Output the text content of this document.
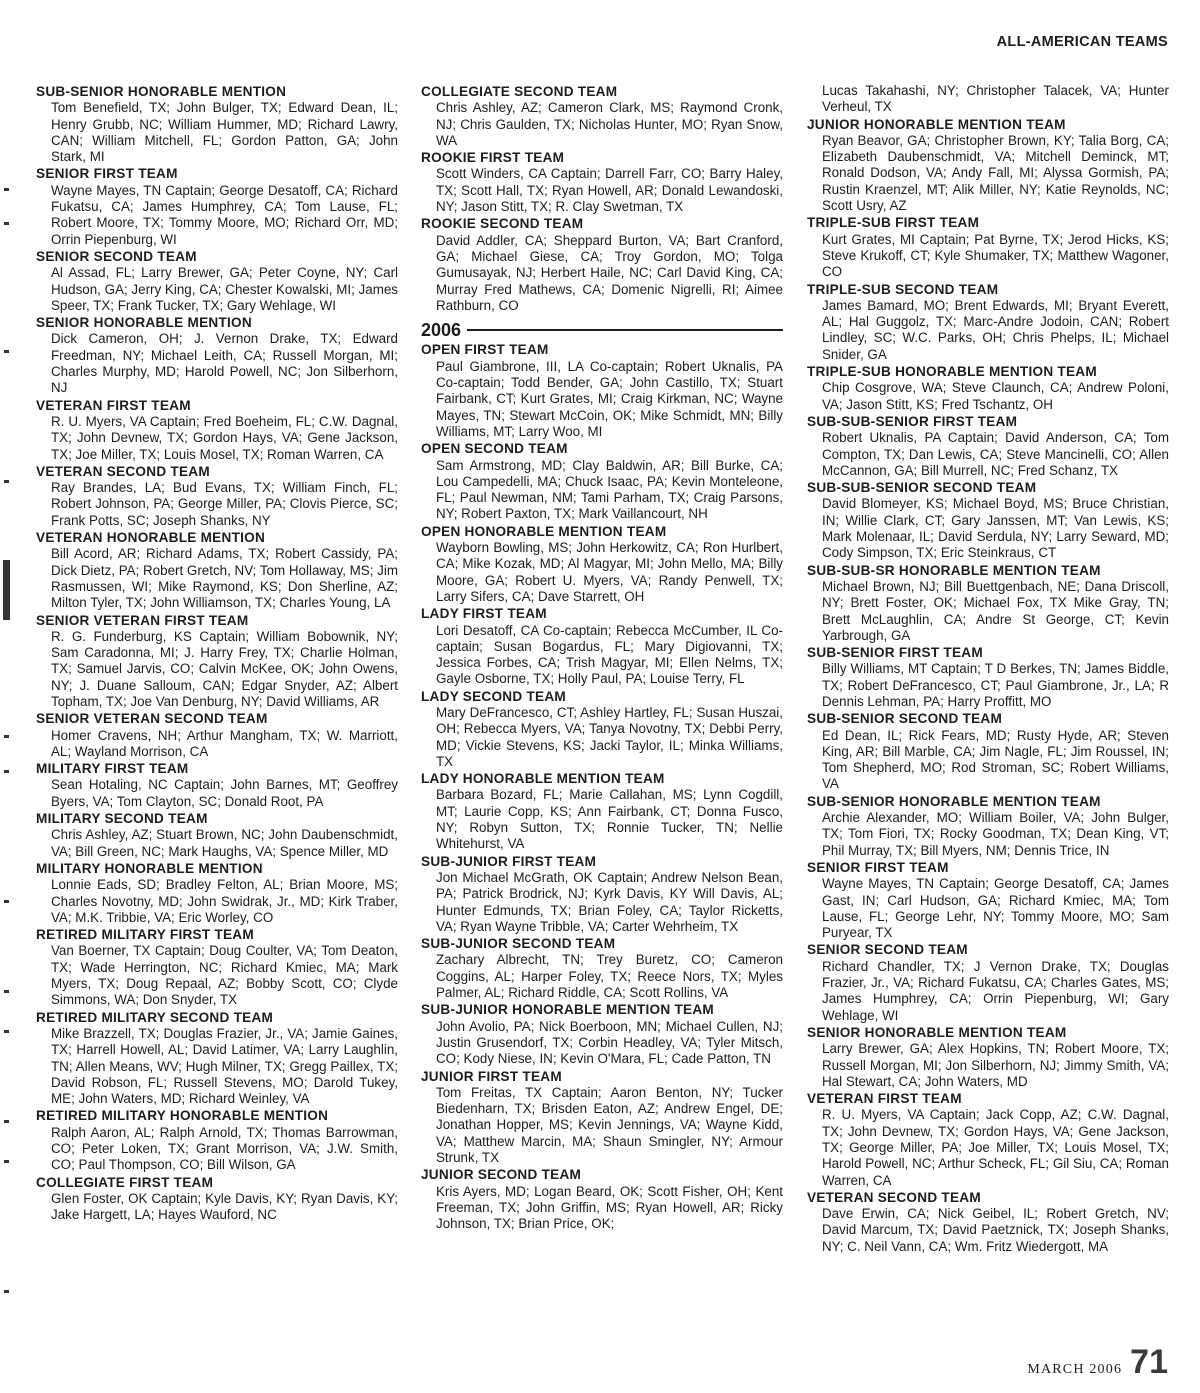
ALL-AMERICAN TEAMS
SUB-SENIOR HONORABLE MENTION
Tom Benefield, TX; John Bulger, TX; Edward Dean, IL; Henry Grubb, NC; William Hummer, MD; Richard Lawry, CAN; William Mitchell, FL; Gordon Patton, GA; John Stark, MI
SENIOR FIRST TEAM
Wayne Mayes, TN Captain; George Desatoff, CA; Richard Fukatsu, CA; James Humphrey, CA; Tom Lause, FL; Robert Moore, TX; Tommy Moore, MO; Richard Orr, MD; Orrin Piepenburg, WI
SENIOR SECOND TEAM
Al Assad, FL; Larry Brewer, GA; Peter Coyne, NY; Carl Hudson, GA; Jerry King, CA; Chester Kowalski, MI; James Speer, TX; Frank Tucker, TX; Gary Wehlage, WI
SENIOR HONORABLE MENTION
Dick Cameron, OH; J. Vernon Drake, TX; Edward Freedman, NY; Michael Leith, CA; Russell Morgan, MI; Charles Murphy, MD; Harold Powell, NC; Jon Silberhorn, NJ
VETERAN FIRST TEAM
R. U. Myers, VA Captain; Fred Boeheim, FL; C.W. Dagnal, TX; John Devnew, TX; Gordon Hays, VA; Gene Jackson, TX; Joe Miller, TX; Louis Mosel, TX; Roman Warren, CA
VETERAN SECOND TEAM
Ray Brandes, LA; Bud Evans, TX; William Finch, FL; Robert Johnson, PA; George Miller, PA; Clovis Pierce, SC; Frank Potts, SC; Joseph Shanks, NY
VETERAN HONORABLE MENTION
Bill Acord, AR; Richard Adams, TX; Robert Cassidy, PA; Dick Dietz, PA; Robert Gretch, NV; Tom Hollaway, MS; Jim Rasmussen, WI; Mike Raymond, KS; Don Sherline, AZ; Milton Tyler, TX; John Williamson, TX; Charles Young, LA
SENIOR VETERAN FIRST TEAM
R. G. Funderburg, KS Captain; William Bobownik, NY; Sam Caradonna, MI; J. Harry Frey, TX; Charlie Holman, TX; Samuel Jarvis, CO; Calvin McKee, OK; John Owens, NY; J. Duane Salloum, CAN; Edgar Snyder, AZ; Albert Topham, TX; Joe Van Denburg, NY; David Williams, AR
SENIOR VETERAN SECOND TEAM
Homer Cravens, NH; Arthur Mangham, TX; W. Marriott, AL; Wayland Morrison, CA
MILITARY FIRST TEAM
Sean Hotaling, NC Captain; John Barnes, MT; Geoffrey Byers, VA; Tom Clayton, SC; Donald Root, PA
MILITARY SECOND TEAM
Chris Ashley, AZ; Stuart Brown, NC; John Daubenschmidt, VA; Bill Green, NC; Mark Haughs, VA; Spence Miller, MD
MILITARY HONORABLE MENTION
Lonnie Eads, SD; Bradley Felton, AL; Brian Moore, MS; Charles Novotny, MD; John Swidrak, Jr., MD; Kirk Traber, VA; M.K. Tribbie, VA; Eric Worley, CO
RETIRED MILITARY FIRST TEAM
Van Boerner, TX Captain; Doug Coulter, VA; Tom Deaton, TX; Wade Herrington, NC; Richard Kmiec, MA; Mark Myers, TX; Doug Repaal, AZ; Bobby Scott, CO; Clyde Simmons, WA; Don Snyder, TX
RETIRED MILITARY SECOND TEAM
Mike Brazzell, TX; Douglas Frazier, Jr., VA; Jamie Gaines, TX; Harrell Howell, AL; David Latimer, VA; Larry Laughlin, TN; Allen Means, WV; Hugh Milner, TX; Gregg Paillex, TX; David Robson, FL; Russell Stevens, MO; Darold Tukey, ME; John Waters, MD; Richard Weinley, VA
RETIRED MILITARY HONORABLE MENTION
Ralph Aaron, AL; Ralph Arnold, TX; Thomas Barrowman, CO; Peter Loken, TX; Grant Morrison, VA; J.W. Smith, CO; Paul Thompson, CO; Bill Wilson, GA
COLLEGIATE FIRST TEAM
Glen Foster, OK Captain; Kyle Davis, KY; Ryan Davis, KY; Jake Hargett, LA; Hayes Wauford, NC
COLLEGIATE SECOND TEAM
Chris Ashley, AZ; Cameron Clark, MS; Raymond Cronk, NJ; Chris Gaulden, TX; Nicholas Hunter, MO; Ryan Snow, WA
ROOKIE FIRST TEAM
Scott Winders, CA Captain; Darrell Farr, CO; Barry Haley, TX; Scott Hall, TX; Ryan Howell, AR; Donald Lewandoski, NY; Jason Stitt, TX; R. Clay Swetman, TX
ROOKIE SECOND TEAM
David Addler, CA; Sheppard Burton, VA; Bart Cranford, GA; Michael Giese, CA; Troy Gordon, MO; Tolga Gumusayak, NJ; Herbert Haile, NC; Carl David King, CA; Murray Fred Mathews, CA; Domenic Nigrelli, RI; Aimee Rathburn, CO
2006
OPEN FIRST TEAM
Paul Giambrone, III, LA Co-captain; Robert Uknalis, PA Co-captain; Todd Bender, GA; John Castillo, TX; Stuart Fairbank, CT; Kurt Grates, MI; Craig Kirkman, NC; Wayne Mayes, TN; Stewart McCoin, OK; Mike Schmidt, MN; Billy Williams, MT; Larry Woo, MI
OPEN SECOND TEAM
Sam Armstrong, MD; Clay Baldwin, AR; Bill Burke, CA; Lou Campedelli, MA; Chuck Isaac, PA; Kevin Monteleone, FL; Paul Newman, NM; Tami Parham, TX; Craig Parsons, NY; Robert Paxton, TX; Mark Vaillancourt, NH
OPEN HONORABLE MENTION TEAM
Wayborn Bowling, MS; John Herkowitz, CA; Ron Hurlbert, CA; Mike Kozak, MD; Al Magyar, MI; John Mello, MA; Billy Moore, GA; Robert U. Myers, VA; Randy Penwell, TX; Larry Sifers, CA; Dave Starrett, OH
LADY FIRST TEAM
Lori Desatoff, CA Co-captain; Rebecca McCumber, IL Co-captain; Susan Bogardus, FL; Mary Digiovanni, TX; Jessica Forbes, CA; Trish Magyar, MI; Ellen Nelms, TX; Gayle Osborne, TX; Holly Paul, PA; Louise Terry, FL
LADY SECOND TEAM
Mary DeFrancesco, CT; Ashley Hartley, FL; Susan Huszai, OH; Rebecca Myers, VA; Tanya Novotny, TX; Debbi Perry, MD; Vickie Stevens, KS; Jacki Taylor, IL; Minka Williams, TX
LADY HONORABLE MENTION TEAM
Barbara Bozard, FL; Marie Callahan, MS; Lynn Cogdill, MT; Laurie Copp, KS; Ann Fairbank, CT; Donna Fusco, NY; Robyn Sutton, TX; Ronnie Tucker, TN; Nellie Whitehurst, VA
SUB-JUNIOR FIRST TEAM
Jon Michael McGrath, OK Captain; Andrew Nelson Bean, PA; Patrick Brodrick, NJ; Kyrk Davis, KY Will Davis, AL; Hunter Edmunds, TX; Brian Foley, CA; Taylor Ricketts, VA; Ryan Wayne Tribble, VA; Carter Wehrheim, TX
SUB-JUNIOR SECOND TEAM
Zachary Albrecht, TN; Trey Buretz, CO; Cameron Coggins, AL; Harper Foley, TX; Reece Nors, TX; Myles Palmer, AL; Richard Riddle, CA; Scott Rollins, VA
SUB-JUNIOR HONORABLE MENTION TEAM
John Avolio, PA; Nick Boerboon, MN; Michael Cullen, NJ; Justin Grusendorf, TX; Corbin Headley, VA; Tyler Mitsch, CO; Kody Niese, IN; Kevin O'Mara, FL; Cade Patton, TN
JUNIOR FIRST TEAM
Tom Freitas, TX Captain; Aaron Benton, NY; Tucker Biedenharn, TX; Brisden Eaton, AZ; Andrew Engel, DE; Jonathan Hopper, MS; Kevin Jennings, VA; Wayne Kidd, VA; Matthew Marcin, MA; Shaun Smingler, NY; Armour Strunk, TX
JUNIOR SECOND TEAM
Kris Ayers, MD; Logan Beard, OK; Scott Fisher, OH; Kent Freeman, TX; John Griffin, MS; Ryan Howell, AR; Ricky Johnson, TX; Brian Price, OK;
Lucas Takahashi, NY; Christopher Talacek, VA; Hunter Verheul, TX
JUNIOR HONORABLE MENTION TEAM
Ryan Beavor, GA; Christopher Brown, KY; Talia Borg, CA; Elizabeth Daubenschmidt, VA; Mitchell Deminck, MT; Ronald Dodson, VA; Andy Fall, MI; Alyssa Gormish, PA; Rustin Kraenzel, MT; Alik Miller, NY; Katie Reynolds, NC; Scott Usry, AZ
TRIPLE-SUB FIRST TEAM
Kurt Grates, MI Captain; Pat Byrne, TX; Jerod Hicks, KS; Steve Krukoff, CT; Kyle Shumaker, TX; Matthew Wagoner, CO
TRIPLE-SUB SECOND TEAM
James Bamard, MO; Brent Edwards, MI; Bryant Everett, AL; Hal Guggolz, TX; Marc-Andre Jodoin, CAN; Robert Lindley, SC; W.C. Parks, OH; Chris Phelps, IL; Michael Snider, GA
TRIPLE-SUB HONORABLE MENTION TEAM
Chip Cosgrove, WA; Steve Claunch, CA; Andrew Poloni, VA; Jason Stitt, KS; Fred Tschantz, OH
SUB-SUB-SENIOR FIRST TEAM
Robert Uknalis, PA Captain; David Anderson, CA; Tom Compton, TX; Dan Lewis, CA; Steve Mancinelli, CO; Allen McCannon, GA; Bill Murrell, NC; Fred Schanz, TX
SUB-SUB-SENIOR SECOND TEAM
David Blomeyer, KS; Michael Boyd, MS; Bruce Christian, IN; Willie Clark, CT; Gary Janssen, MT; Van Lewis, KS; Mark Molenaar, IL; David Serdula, NY; Larry Seward, MD; Cody Simpson, TX; Eric Steinkraus, CT
SUB-SUB-SR HONORABLE MENTION TEAM
Michael Brown, NJ; Bill Buettgenbach, NE; Dana Driscoll, NY; Brett Foster, OK; Michael Fox, TX Mike Gray, TN; Brett McLaughlin, CA; Andre St George, CT; Kevin Yarbrough, GA
SUB-SENIOR FIRST TEAM
Billy Williams, MT Captain; T D Berkes, TN; James Biddle, TX; Robert DeFrancesco, CT; Paul Giambrone, Jr., LA; R Dennis Lehman, PA; Harry Proffitt, MO
SUB-SENIOR SECOND TEAM
Ed Dean, IL; Rick Fears, MD; Rusty Hyde, AR; Steven King, AR; Bill Marble, CA; Jim Nagle, FL; Jim Roussel, IN; Tom Shepherd, MO; Rod Stroman, SC; Robert Williams, VA
SUB-SENIOR HONORABLE MENTION TEAM
Archie Alexander, MO; William Boiler, VA; John Bulger, TX; Tom Fiori, TX; Rocky Goodman, TX; Dean King, VT; Phil Murray, TX; Bill Myers, NM; Dennis Trice, IN
SENIOR FIRST TEAM
Wayne Mayes, TN Captain; George Desatoff, CA; James Gast, IN; Carl Hudson, GA; Richard Kmiec, MA; Tom Lause, FL; George Lehr, NY; Tommy Moore, MO; Sam Puryear, TX
SENIOR SECOND TEAM
Richard Chandler, TX; J Vernon Drake, TX; Douglas Frazier, Jr., VA; Richard Fukatsu, CA; Charles Gates, MS; James Humphrey, CA; Orrin Piepenburg, WI; Gary Wehlage, WI
SENIOR HONORABLE MENTION TEAM
Larry Brewer, GA; Alex Hopkins, TN; Robert Moore, TX; Russell Morgan, MI; Jon Silberhorn, NJ; Jimmy Smith, VA; Hal Stewart, CA; John Waters, MD
VETERAN FIRST TEAM
R. U. Myers, VA Captain; Jack Copp, AZ; C.W. Dagnal, TX; John Devnew, TX; Gordon Hays, VA; Gene Jackson, TX; George Miller, PA; Joe Miller, TX; Louis Mosel, TX; Harold Powell, NC; Arthur Scheck, FL; Gil Siu, CA; Roman Warren, CA
VETERAN SECOND TEAM
Dave Erwin, CA; Nick Geibel, IL; Robert Gretch, NV; David Marcum, TX; David Paetznick, TX; Joseph Shanks, NY; C. Neil Vann, CA; Wm. Fritz Wiedergott, MA
MARCH 2006 71
